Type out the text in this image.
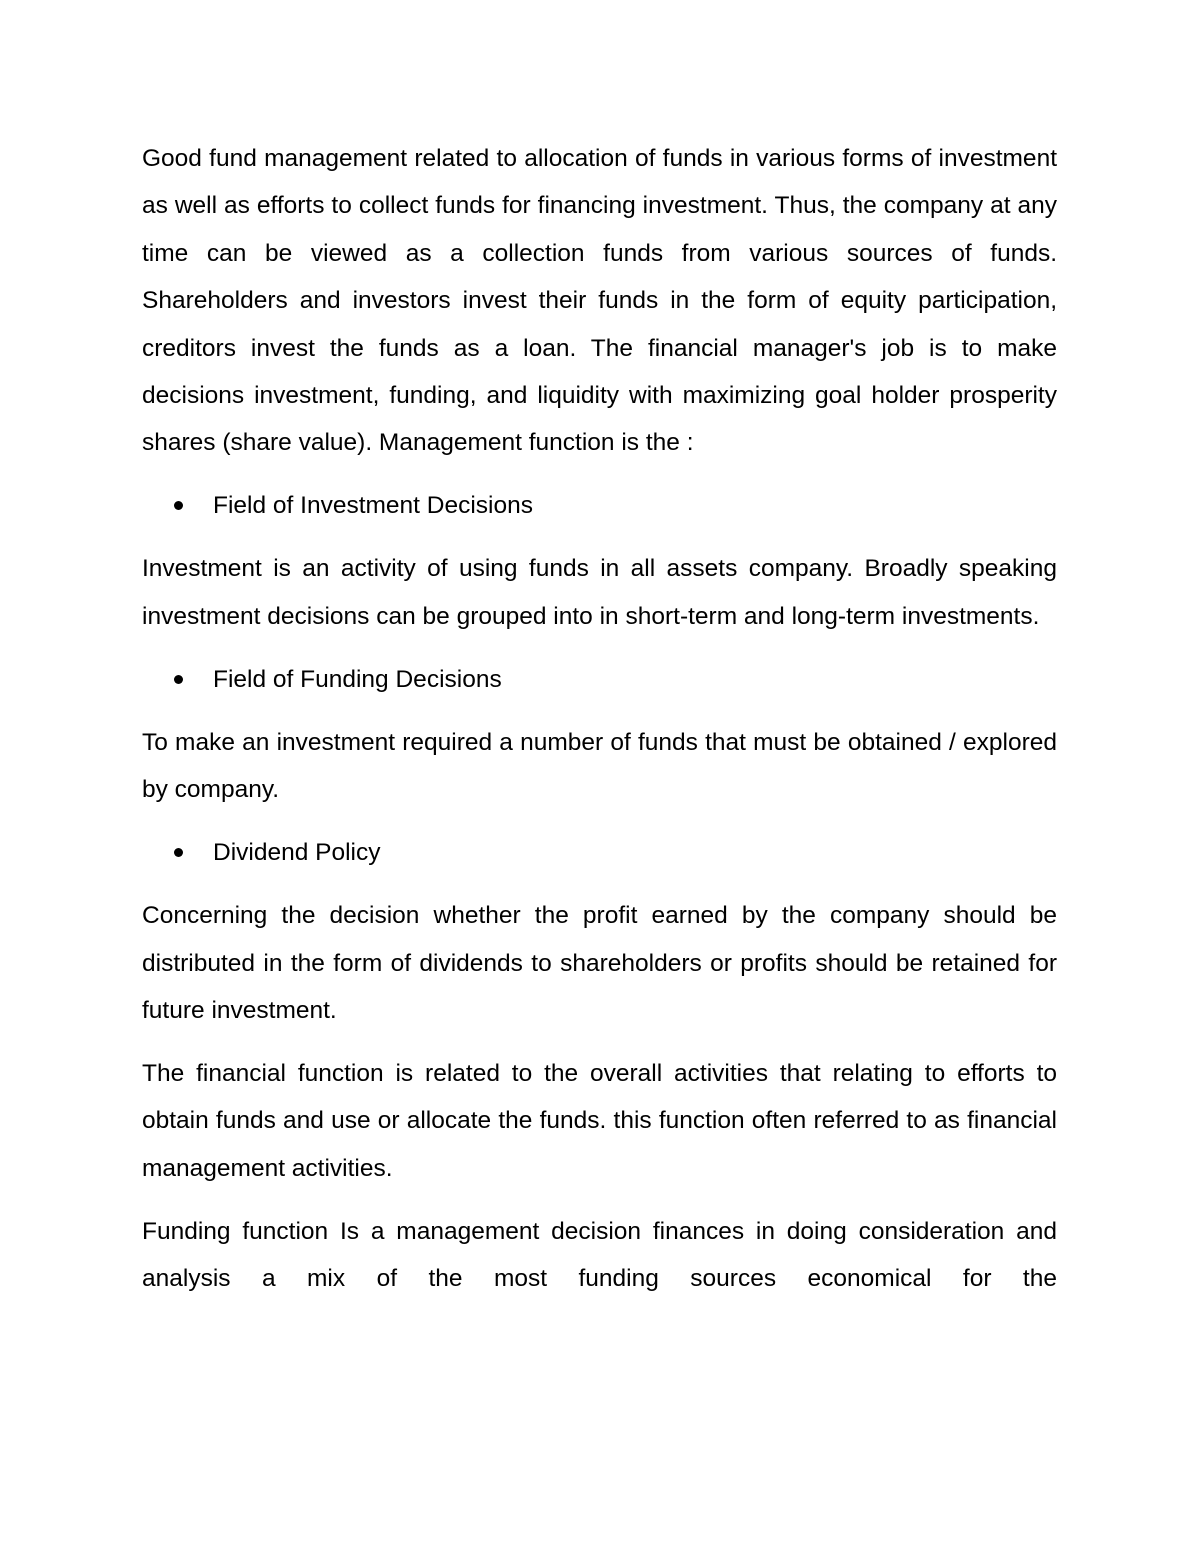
Good fund management related to allocation of funds in various forms of investment as well as efforts to collect funds for financing investment. Thus, the company at any time can be viewed as a collection funds from various sources of funds. Shareholders and investors invest their funds in the form of equity participation, creditors invest the funds as a loan. The financial manager's job is to make decisions investment, funding, and liquidity with maximizing goal holder prosperity shares (share value). Management function is the :

Field of Investment Decisions

Investment is an activity of using funds in all assets company. Broadly speaking investment decisions can be grouped into in short-term and long-term investments.

Field of Funding Decisions

To make an investment required a number of funds that must be obtained / explored by company.

Dividend Policy

Concerning the decision whether the profit earned by the company should be distributed in the form of dividends to shareholders or profits should be retained for future investment.

The financial function is related to the overall activities that relating to efforts to obtain funds and use or allocate the funds. this function often referred to as financial management activities.

Funding function Is a management decision finances in doing consideration and analysis a mix of the most funding sources economical for the
